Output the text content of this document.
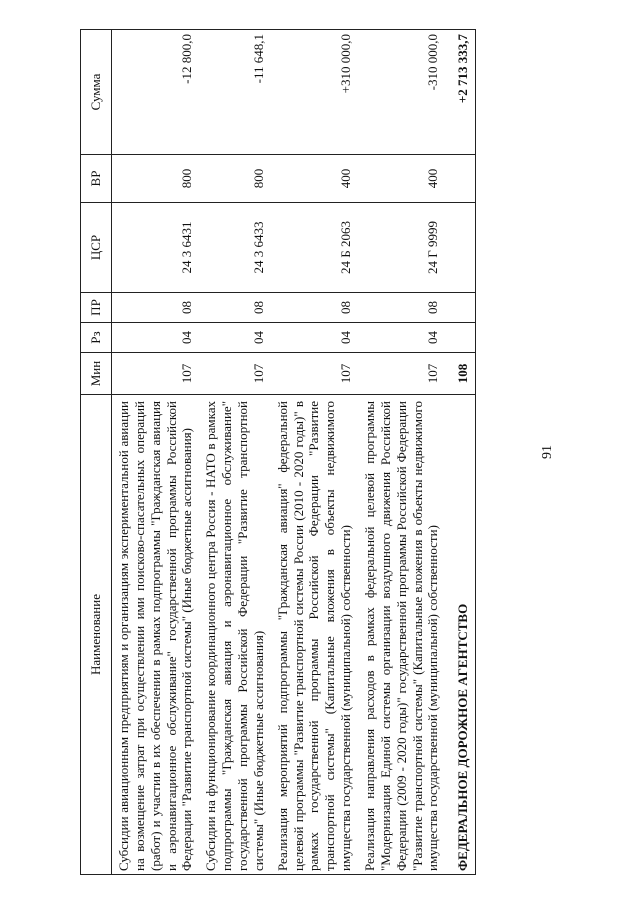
91
Наименование	Мин	Рз	ПР	ЦСР	ВР	Сумма
Субсидии авиационным предприятиям и организациям экспериментальной авиации на возмещение затрат при осуществлении ими поисково-спасательных операций (работ) и участии в их обеспечении в рамках подпрограммы "Гражданская авиация и аэронавигационное обслуживание" государственной программы Российской Федерации "Развитие транспортной системы" (Иные бюджетные ассигнования)	107	04	08	24 3 6431	800	-12 800,0
Субсидии на функционирование координационного центра Россия - НАТО в рамках подпрограммы "Гражданская авиация и аэронавигационное обслуживание" государственной программы Российской Федерации "Развитие транспортной системы" (Иные бюджетные ассигнования)	107	04	08	24 3 6433	800	-11 648,1
Реализация мероприятий подпрограммы "Гражданская авиация" федеральной целевой программы "Развитие транспортной системы России (2010 - 2020 годы)" в рамках государственной программы Российской Федерации "Развитие транспортной системы" (Капитальные вложения в объекты недвижимого имущества государственной (муниципальной) собственности)	107	04	08	24 Б 2063	400	+310 000,0
Реализация направления расходов в рамках федеральной целевой программы "Модернизация Единой системы организации воздушного движения Российской Федерации (2009 - 2020 годы)" государственной программы Российской Федерации "Развитие транспортной системы" (Капитальные вложения в объекты недвижимого имущества государственной (муниципальной) собственности)	107	04	08	24 Г 9999	400	-310 000,0
ФЕДЕРАЛЬНОЕ ДОРОЖНОЕ АГЕНТСТВО	108					+2 713 333,7
